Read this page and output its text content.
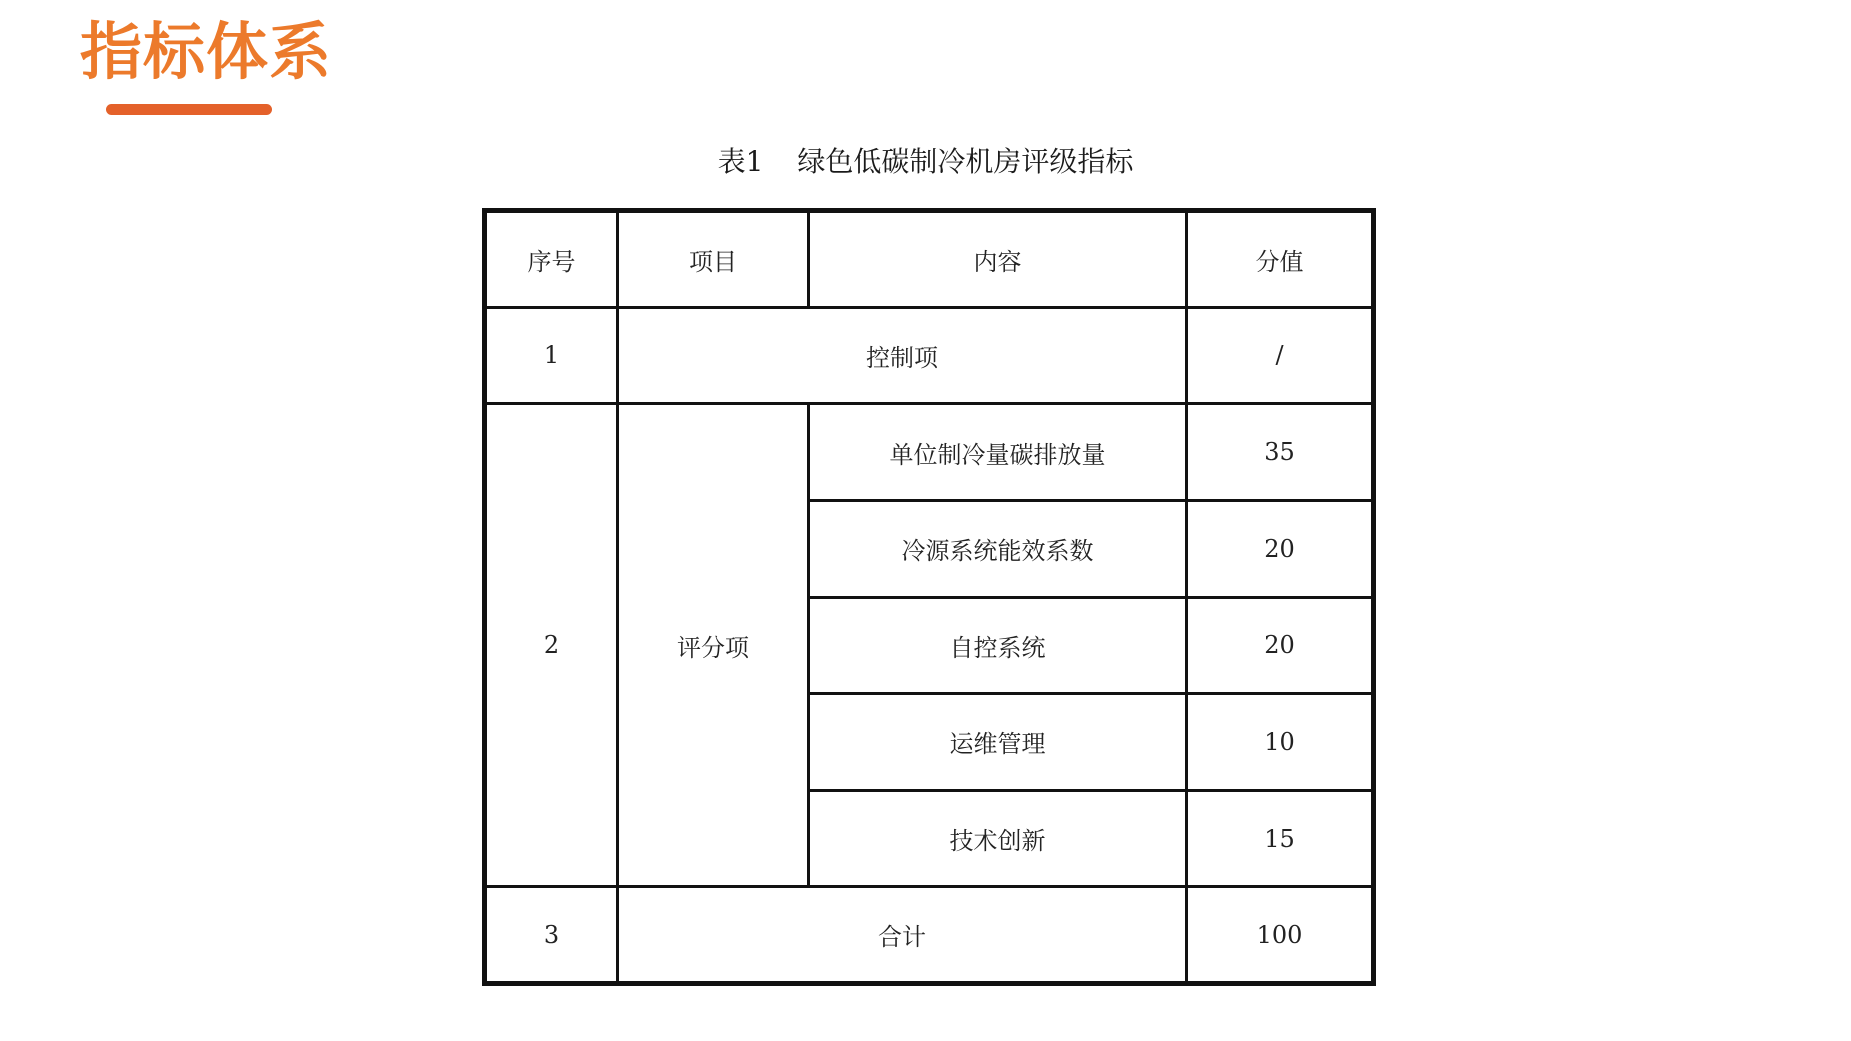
指标体系
表1 绿色低碳制冷机房评级指标
序号	项目	内容	分值
1	控制项		/
2	评分项	单位制冷量碳排放量	35
		冷源系统能效系数	20
		自控系统	20
		运维管理	10
		技术创新	15
3	合计		100
